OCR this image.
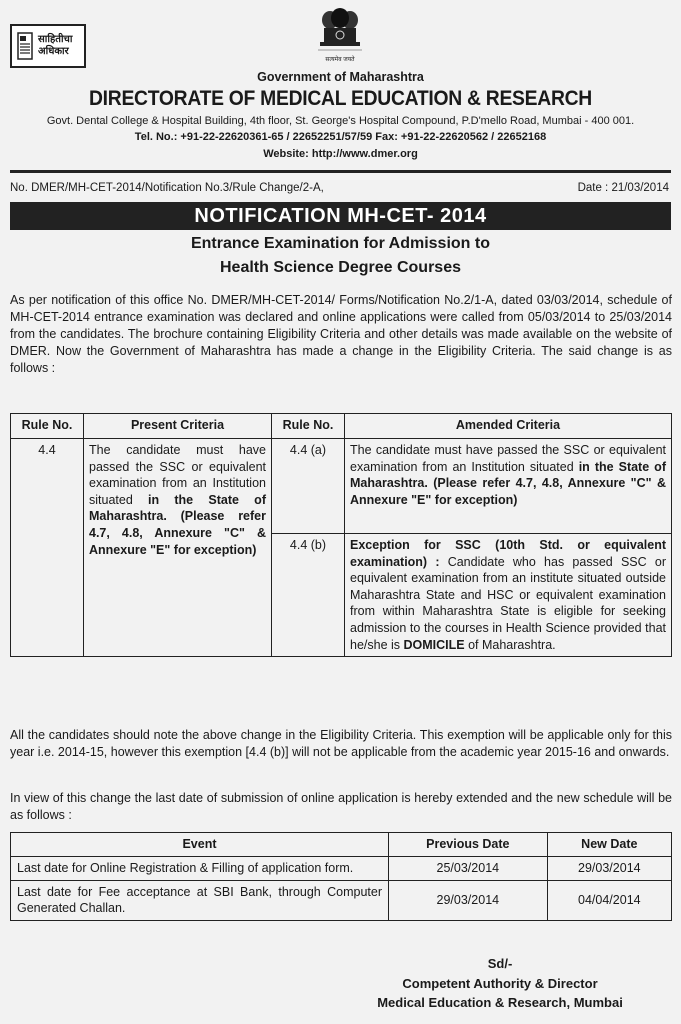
साहितीचा
अधिकार
सत्यमेव जयते
Government of Maharashtra
DIRECTORATE OF MEDICAL EDUCATION & RESEARCH
Govt. Dental College & Hospital Building, 4th floor, St. George's Hospital Compound, P.D'mello Road, Mumbai - 400 001.
Tel. No.: +91-22-22620361-65 / 22652251/57/59 Fax: +91-22-22620562 / 22652168
Website: http://www.dmer.org
No. DMER/MH-CET-2014/Notification No.3/Rule Change/2-A,	Date : 21/03/2014
NOTIFICATION MH-CET- 2014
Entrance Examination for Admission to
Health Science Degree Courses
As per notification of this office No. DMER/MH-CET-2014/ Forms/Notification No.2/1-A, dated 03/03/2014, schedule of MH-CET-2014 entrance examination was declared and online applications were called from 05/03/2014 to 25/03/2014 from the candidates. The brochure containing Eligibility Criteria and other details was made available on the website of DMER. Now the Government of Maharashtra has made a change in the Eligibility Criteria. The said change is as follows :
Rule No.	Present Criteria	Rule No.	Amended Criteria
4.4	The candidate must have passed the SSC or equivalent examination from an Institution situated in the State of Maharashtra. (Please refer 4.7, 4.8, Annexure "C" & Annexure "E" for exception)	4.4 (a)	The candidate must have passed the SSC or equivalent examination from an Institution situated in the State of Maharashtra. (Please refer 4.7, 4.8, Annexure "C" & Annexure "E" for exception)
		4.4 (b)	Exception for SSC (10th Std. or equivalent examination) : Candidate who has passed SSC or equivalent examination from an institute situated outside Maharashtra State and HSC or equivalent examination from within Maharashtra State is eligible for seeking admission to the courses in Health Science provided that he/she is DOMICILE of Maharashtra.
All the candidates should note the above change in the Eligibility Criteria. This exemption will be applicable only for this year i.e. 2014-15, however this exemption [4.4 (b)] will not be applicable from the academic year 2015-16 and onwards.
In view of this change the last date of submission of online application is hereby extended and the new schedule will be as follows :
Event	Previous Date	New Date
Last date for Online Registration & Filling of application form.	25/03/2014	29/03/2014
Last date for Fee acceptance at SBI Bank, through Computer Generated Challan.	29/03/2014	04/04/2014
Sd/-
Competent Authority & Director
Medical Education & Research, Mumbai
